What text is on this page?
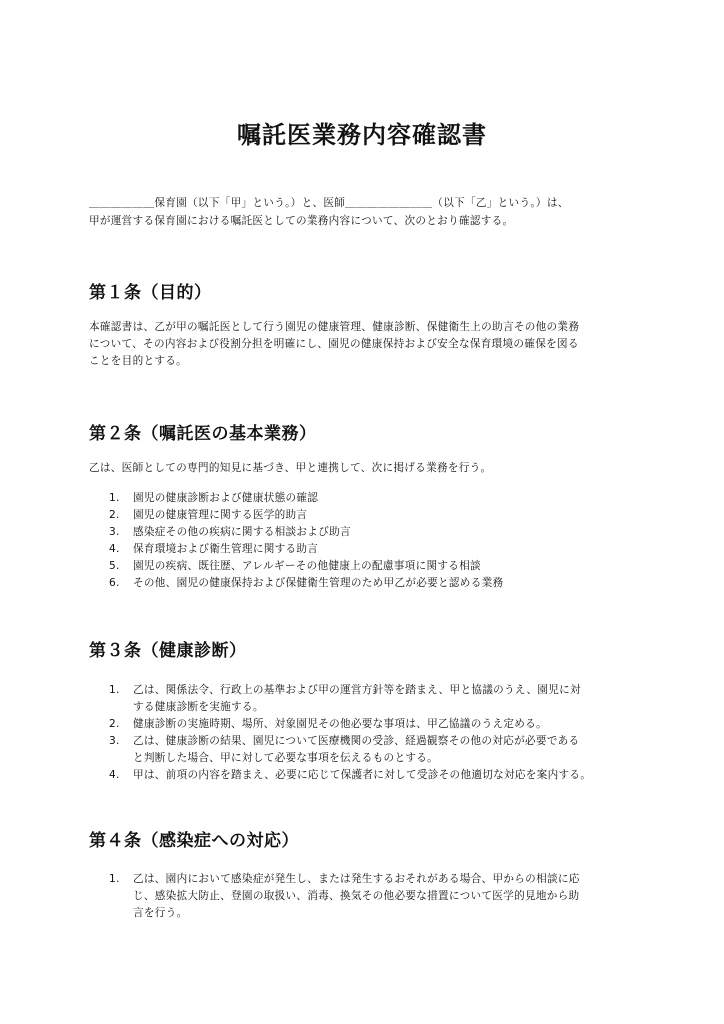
嘱託医業務内容確認書

＿＿＿＿＿＿保育園（以下「甲」という。）と、医師＿＿＿＿＿＿＿＿（以下「乙」という。）は、
甲が運営する保育園における嘱託医としての業務内容について、次のとおり確認する。

第１条（目的）

本確認書は、乙が甲の嘱託医として行う園児の健康管理、健康診断、保健衛生上の助言その他の業務
について、その内容および役割分担を明確にし、園児の健康保持および安全な保育環境の確保を図る
ことを目的とする。

第２条（嘱託医の基本業務）

乙は、医師としての専門的知見に基づき、甲と連携して、次に掲げる業務を行う。

1. 園児の健康診断および健康状態の確認
2. 園児の健康管理に関する医学的助言
3. 感染症その他の疾病に関する相談および助言
4. 保育環境および衛生管理に関する助言
5. 園児の疾病、既往歴、アレルギーその他健康上の配慮事項に関する相談
6. その他、園児の健康保持および保健衛生管理のため甲乙が必要と認める業務
第３条（健康診断）
1. 乙は、関係法令、行政上の基準および甲の運営方針等を踏まえ、甲と協議のうえ、園児に対
する健康診断を実施する。
2. 健康診断の実施時期、場所、対象園児その他必要な事項は、甲乙協議のうえ定める。
3. 乙は、健康診断の結果、園児について医療機関の受診、経過観察その他の対応が必要である
と判断した場合、甲に対して必要な事項を伝えるものとする。
4. 甲は、前項の内容を踏まえ、必要に応じて保護者に対して受診その他適切な対応を案内する。
第４条（感染症への対応）
1. 乙は、園内において感染症が発生し、または発生するおそれがある場合、甲からの相談に応
じ、感染拡大防止、登園の取扱い、消毒、換気その他必要な措置について医学的見地から助
言を行う。
